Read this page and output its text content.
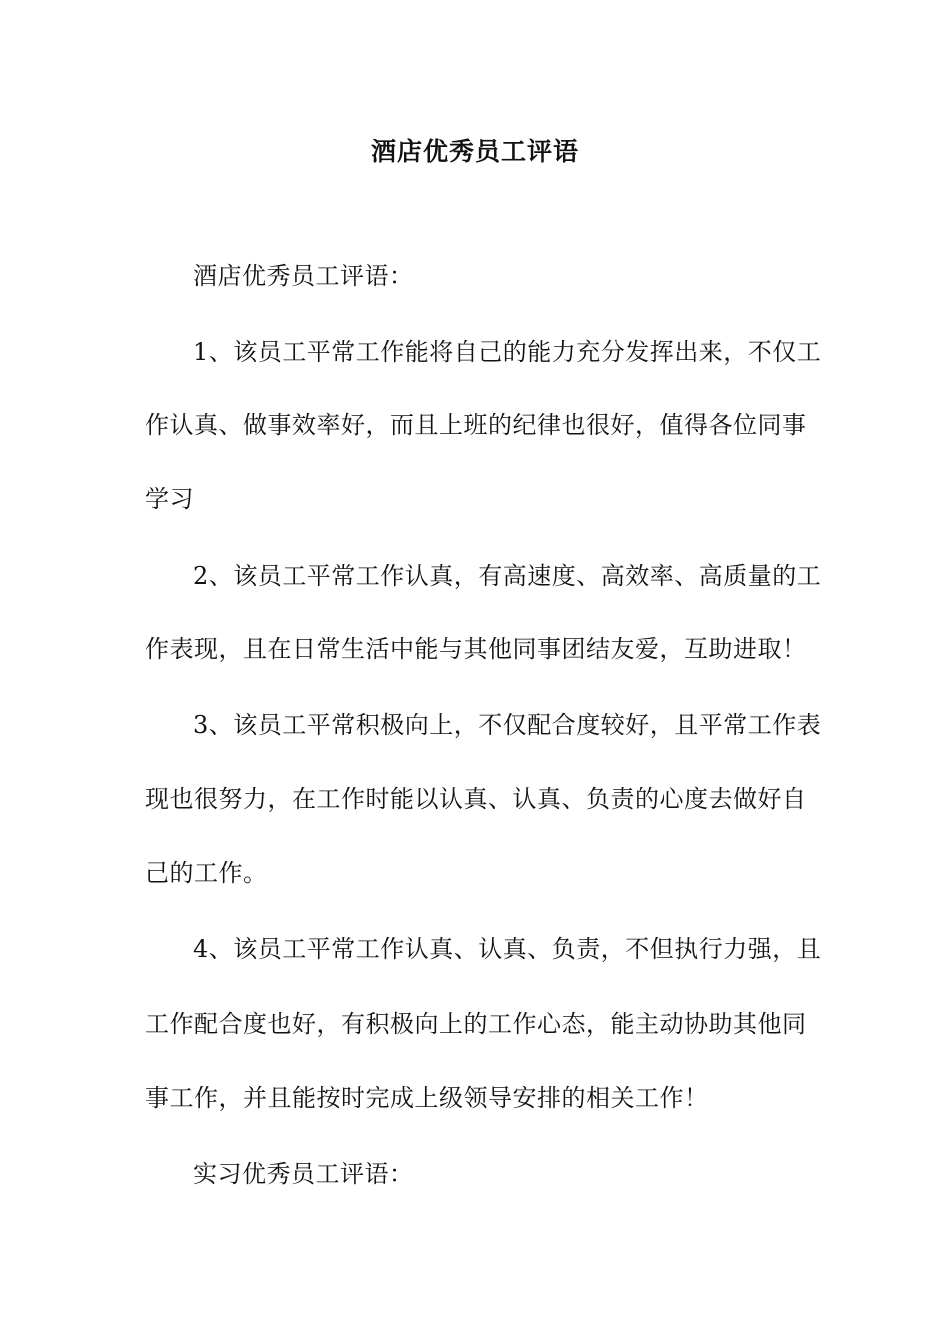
酒店优秀员工评语
酒店优秀员工评语：
1、该员工平常工作能将自己的能力充分发挥出来，不仅工
作认真、做事效率好，而且上班的纪律也很好，值得各位同事
学习
2、该员工平常工作认真，有高速度、高效率、高质量的工
作表现，且在日常生活中能与其他同事团结友爱，互助进取！
3、该员工平常积极向上，不仅配合度较好，且平常工作表
现也很努力，在工作时能以认真、认真、负责的心度去做好自
己的工作。
4、该员工平常工作认真、认真、负责，不但执行力强，且
工作配合度也好，有积极向上的工作心态，能主动协助其他同
事工作，并且能按时完成上级领导安排的相关工作！
实习优秀员工评语：
